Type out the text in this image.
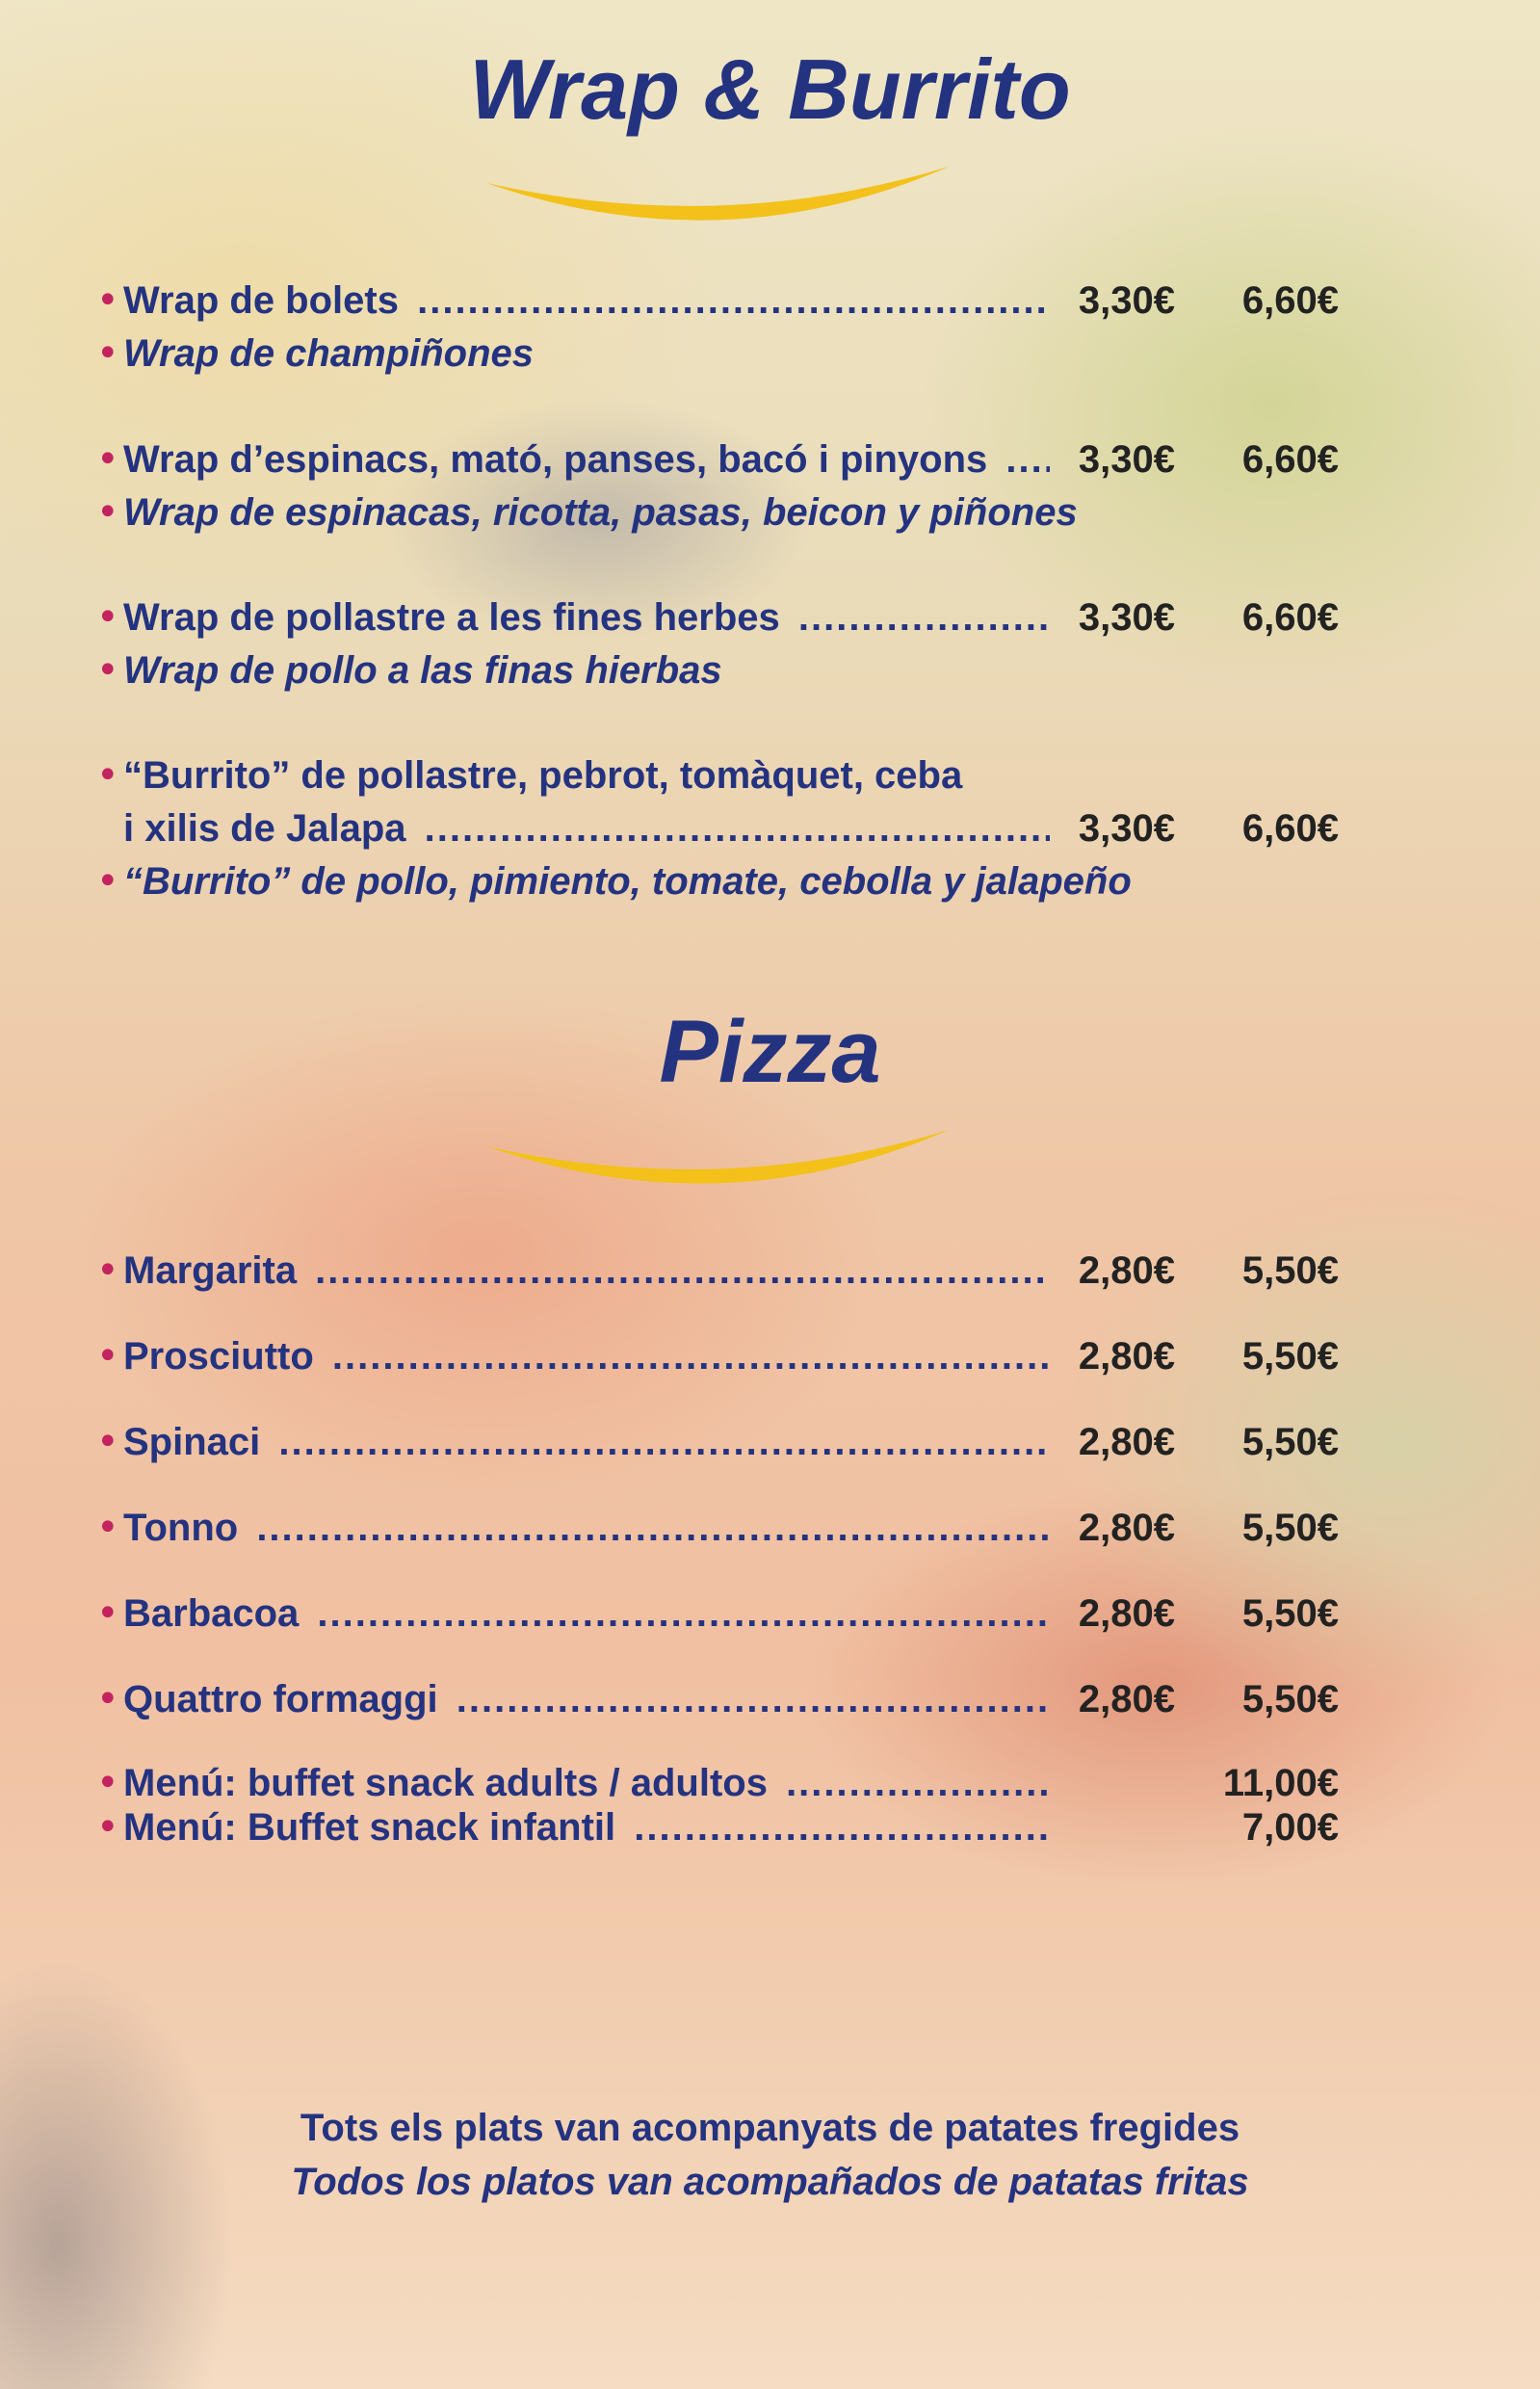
Wrap & Burrito
• Wrap de bolets .....	3,30€	6,60€
• Wrap de champiñones
• Wrap d’espinacs, mató, panses, bacó i pinyons .....	3,30€	6,60€
• Wrap de espinacas, ricotta, pasas, beicon y piñones
• Wrap de pollastre a les fines herbes .....	3,30€	6,60€
• Wrap de pollo a las finas hierbas
• “Burrito” de pollastre, pebrot, tomàquet, ceba
i xilis de Jalapa .....	3,30€	6,60€
• “Burrito” de pollo, pimiento, tomate, cebolla y jalapeño
Pizza
• Margarita .....	2,80€	5,50€
• Prosciutto .....	2,80€	5,50€
• Spinaci .....	2,80€	5,50€
• Tonno .....	2,80€	5,50€
• Barbacoa .....	2,80€	5,50€
• Quattro formaggi .....	2,80€	5,50€
• Menú: buffet snack adults / adultos .....	11,00€
• Menú: Buffet snack infantil .....	7,00€
Tots els plats van acompanyats de patates fregides
Todos los platos van acompañados de patatas fritas
